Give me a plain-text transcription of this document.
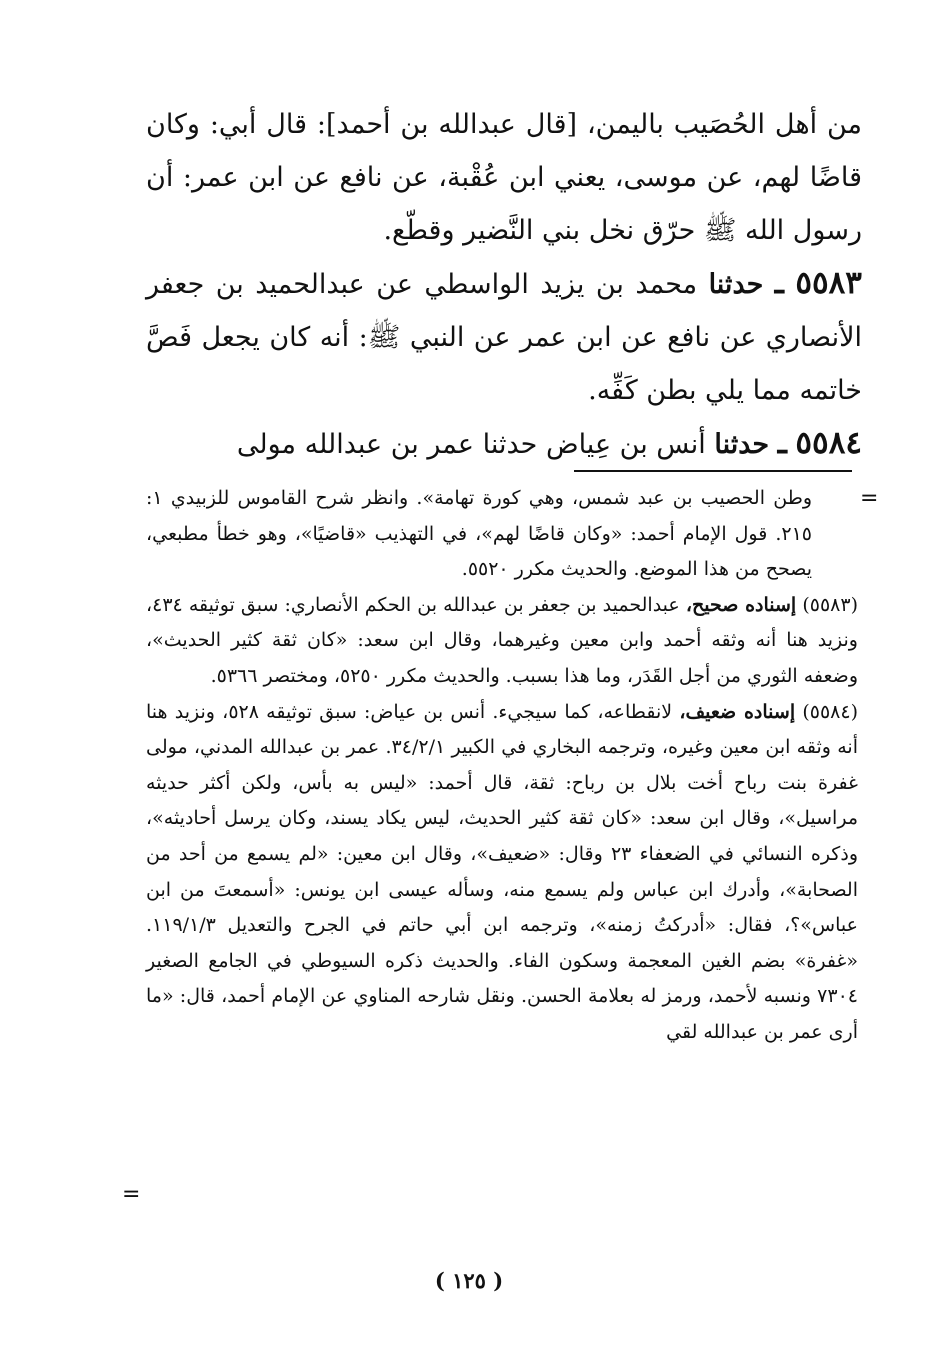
من أهل الحُصَيب باليمن، [قال عبدالله بن أحمد]: قال أبي: وكان قاضًا لهم، عن موسى، يعني ابن عُقْبة، عن نافع عن ابن عمر: أن رسول الله ﷺ حرّق نخل بني النَّضير وقطّع.

٥٥٨٣ ـ حدثنا محمد بن يزيد الواسطي عن عبدالحميد بن جعفر الأنصاري عن نافع عن ابن عمر عن النبي ﷺ: أنه كان يجعل فَصَّ خاتمه مما يلي بطن كَفِّه.

٥٥٨٤ ـ حدثنا أنس بن عِياض حدثنا عمر بن عبدالله مولى

=

وطن الحصيب بن عبد شمس، وهي كورة تهامة». وانظر شرح القاموس للزبيدي ١: ٢١٥. قول الإمام أحمد: «وكان قاضًا لهم»، في التهذيب «قاضيًا»، وهو خطأ مطبعي، يصحح من هذا الموضع. والحديث مكرر ٥٥٢٠.

(٥٥٨٣) إسناده صحيح، عبدالحميد بن جعفر بن عبدالله بن الحكم الأنصاري: سبق توثيقه ٤٣٤، ونزيد هنا أنه وثقه أحمد وابن معين وغيرهما، وقال ابن سعد: «كان ثقة كثير الحديث»، وضعفه الثوري من أجل القَدَر، وما هذا بسبب. والحديث مكرر ٥٢٥٠، ومختصر ٥٣٦٦.

(٥٥٨٤) إسناده ضعيف، لانقطاعه، كما سيجيء. أنس بن عياض: سبق توثيقه ٥٢٨، ونزيد هنا أنه وثقه ابن معين وغيره، وترجمه البخاري في الكبير ٣٤/٢/١. عمر بن عبدالله المدني، مولى غفرة بنت رباح أخت بلال بن رباح: ثقة، قال أحمد: «ليس به بأس، ولكن أكثر حديثه مراسيل»، وقال ابن سعد: «كان ثقة كثير الحديث، ليس يكاد يسند، وكان يرسل أحاديثه»، وذكره النسائي في الضعفاء ٢٣ وقال: «ضعيف»، وقال ابن معين: «لم يسمع من أحد من الصحابة»، وأدرك ابن عباس ولم يسمع منه، وسأله عيسى ابن يونس: «أسمعتَ من ابن عباس»؟، فقال: «أدركتُ زمنه»، وترجمه ابن أبي حاتم في الجرح والتعديل ١١٩/١/٣. «غفرة» بضم الغين المعجمة وسكون الفاء. والحديث ذكره السيوطي في الجامع الصغير ٧٣٠٤ ونسبه لأحمد، ورمز له بعلامة الحسن. ونقل شارحه المناوي عن الإمام أحمد، قال: «ما أرى عمر بن عبدالله لقي

=
( ١٢٥ )
